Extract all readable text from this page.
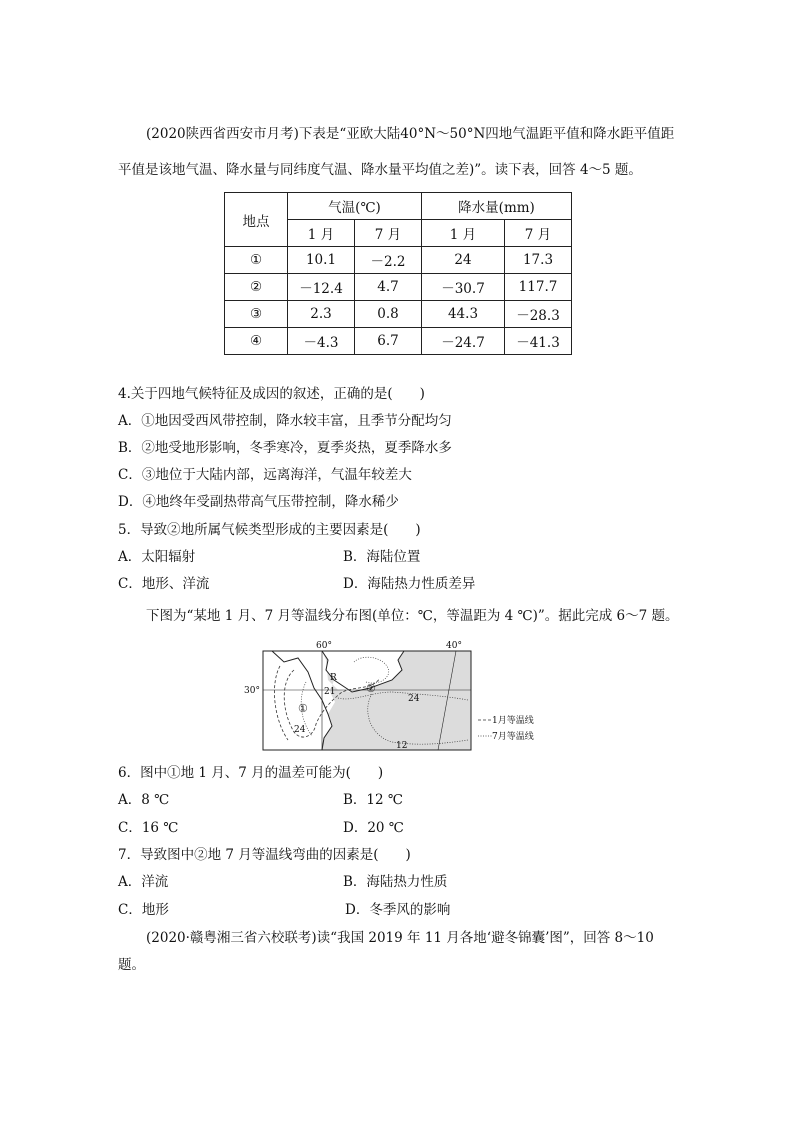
(2020陕西省西安市月考)下表是“亚欧大陆40°N～50°N四地气温距平值和降水距平值距
平值是该地气温、降水量与同纬度气温、降水量平均值之差)”。读下表，回答 4～5 题。
地点	气温(℃)		降水量(mm)	
	1 月	7 月	1 月	7 月
①	10.1	－2.2	24	17.3
②	－12.4	4.7	－30.7	117.7
③	2.3	0.8	44.3	－28.3
④	－4.3	6.7	－24.7	－41.3
4.关于四地气候特征及成因的叙述，正确的是(　　)
A．①地因受西风带控制，降水较丰富，且季节分配均匀
B．②地受地形影响，冬季寒冷，夏季炎热，夏季降水多
C．③地位于大陆内部，远离海洋，气温年较差大
D．④地终年受副热带高气压带控制，降水稀少
5．导致②地所属气候类型形成的主要因素是(　　)
A．太阳辐射	B．海陆位置
C．地形、洋流	D．海陆热力性质差异
下图为“某地 1 月、7 月等温线分布图(单位：℃，等温距为 4 ℃)”。据此完成 6～7 题。
60°	40°
30°
R
21
①
②
24
24
12
1月等温线
7月等温线
6．图中①地 1 月、7 月的温差可能为(　　)
A．8 ℃	B．12 ℃
C．16 ℃	D．20 ℃
7．导致图中②地 7 月等温线弯曲的因素是(　　)
A．洋流	B．海陆热力性质
C．地形	D．冬季风的影响
(2020·赣粤湘三省六校联考)读“我国 2019 年 11 月各地‘避冬锦囊’图”，回答 8～10
题。
